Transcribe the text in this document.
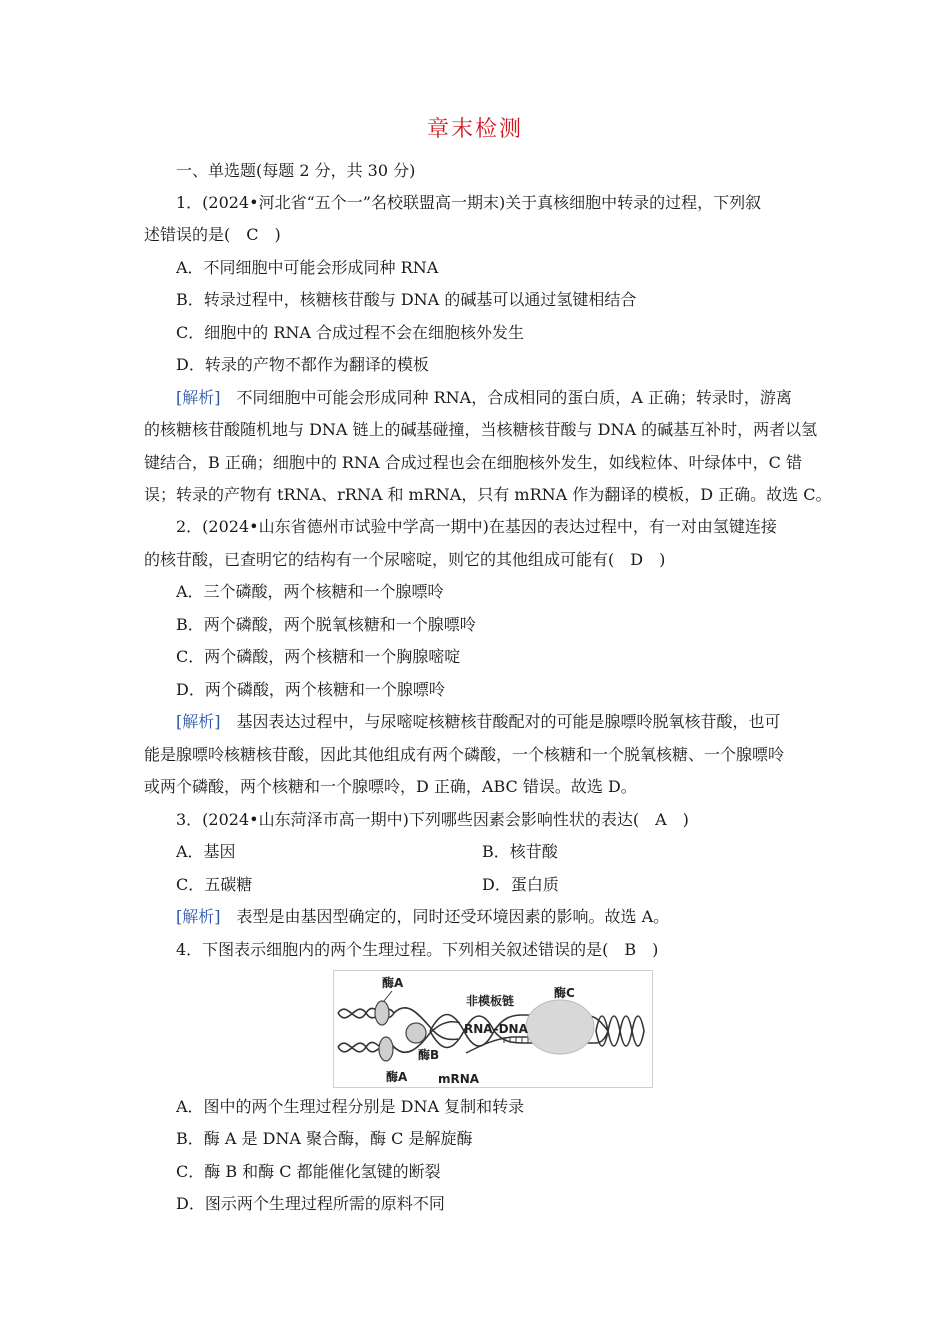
章末检测
一、单选题(每题 2 分，共 30 分)
1．(2024•河北省“五个一”名校联盟高一期末)关于真核细胞中转录的过程，下列叙
述错误的是(　C　)
A．不同细胞中可能会形成同种 RNA
B．转录过程中，核糖核苷酸与 DNA 的碱基可以通过氢键相结合
C．细胞中的 RNA 合成过程不会在细胞核外发生
D．转录的产物不都作为翻译的模板
[解析]　不同细胞中可能会形成同种 RNA，合成相同的蛋白质，A 正确；转录时，游离
的核糖核苷酸随机地与 DNA 链上的碱基碰撞，当核糖核苷酸与 DNA 的碱基互补时，两者以氢
键结合，B 正确；细胞中的 RNA 合成过程也会在细胞核外发生，如线粒体、叶绿体中，C 错
误；转录的产物有 tRNA、rRNA 和 mRNA，只有 mRNA 作为翻译的模板，D 正确。故选 C。
2．(2024•山东省德州市试验中学高一期中)在基因的表达过程中，有一对由氢键连接
的核苷酸，已查明它的结构有一个尿嘧啶，则它的其他组成可能有(　D　)
A．三个磷酸，两个核糖和一个腺嘌呤
B．两个磷酸，两个脱氧核糖和一个腺嘌呤
C．两个磷酸，两个核糖和一个胸腺嘧啶
D．两个磷酸，两个核糖和一个腺嘌呤
[解析]　基因表达过程中，与尿嘧啶核糖核苷酸配对的可能是腺嘌呤脱氧核苷酸，也可
能是腺嘌呤核糖核苷酸，因此其他组成有两个磷酸，一个核糖和一个脱氧核糖、一个腺嘌呤
或两个磷酸，两个核糖和一个腺嘌呤，D 正确，ABC 错误。故选 D。
3．(2024•山东菏泽市高一期中)下列哪些因素会影响性状的表达(　A　)
A．基因	B．核苷酸
C．五碳糖	D．蛋白质
[解析]　表型是由基因型确定的，同时还受环境因素的影响。故选 A。
4．下图表示细胞内的两个生理过程。下列相关叙述错误的是(　B　)
酶A
酶A
酶B
酶C
非模板链
RNA–DNA
mRNA
A．图中的两个生理过程分别是 DNA 复制和转录
B．酶 A 是 DNA 聚合酶，酶 C 是解旋酶
C．酶 B 和酶 C 都能催化氢键的断裂
D．图示两个生理过程所需的原料不同
